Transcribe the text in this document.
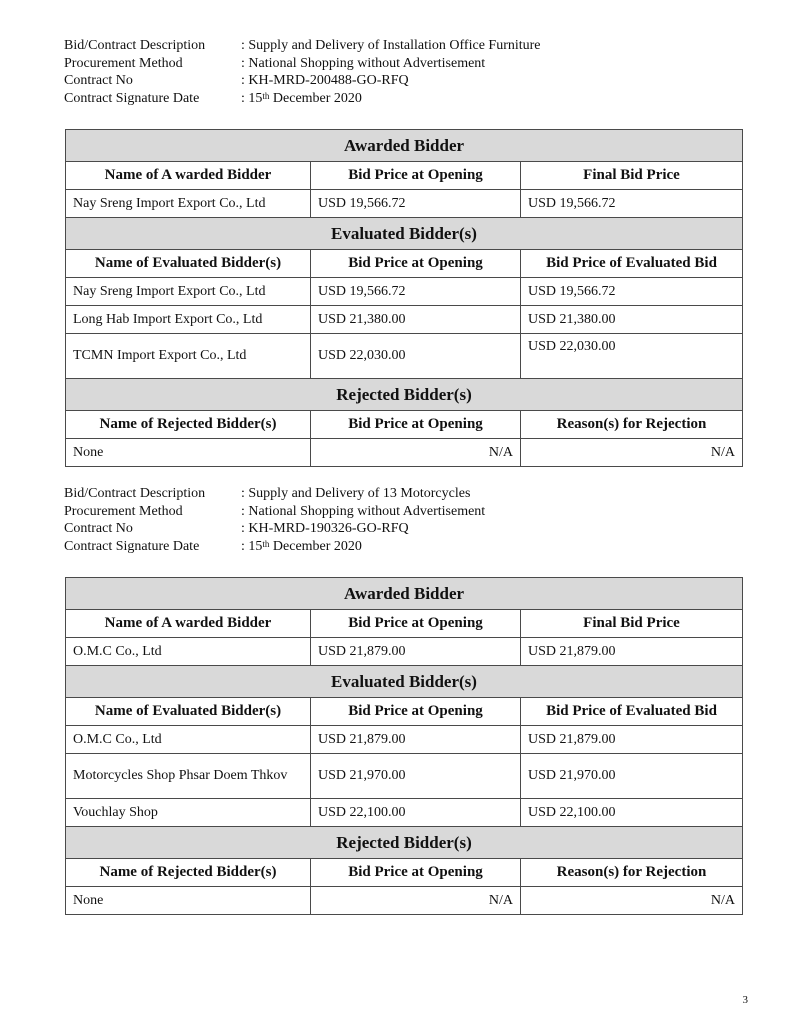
Bid/Contract Description	: Supply and Delivery of Installation Office Furniture
Procurement Method	: National Shopping without Advertisement
Contract No	: KH-MRD-200488-GO-RFQ
Contract Signature Date	: 15th December 2020
Awarded Bidder		
Name of A warded Bidder	Bid Price at Opening	Final Bid Price
Nay Sreng Import Export Co., Ltd	USD 19,566.72	USD 19,566.72
Evaluated Bidder(s)		
Name of Evaluated Bidder(s)	Bid Price at Opening	Bid Price of Evaluated Bid
Nay Sreng Import Export Co., Ltd	USD 19,566.72	USD 19,566.72
Long Hab Import Export Co., Ltd	USD 21,380.00	USD 21,380.00
TCMN Import Export Co., Ltd	USD 22,030.00	USD 22,030.00
Rejected Bidder(s)		
Name of Rejected Bidder(s)	Bid Price at Opening	Reason(s) for Rejection
None	N/A	N/A
Bid/Contract Description	: Supply and Delivery of 13 Motorcycles
Procurement Method	: National Shopping without Advertisement
Contract No	: KH-MRD-190326-GO-RFQ
Contract Signature Date	: 15th December 2020
Awarded Bidder		
Name of A warded Bidder	Bid Price at Opening	Final Bid Price
O.M.C Co., Ltd	USD 21,879.00	USD 21,879.00
Evaluated Bidder(s)		
Name of Evaluated Bidder(s)	Bid Price at Opening	Bid Price of Evaluated Bid
O.M.C Co., Ltd	USD 21,879.00	USD 21,879.00
Motorcycles Shop Phsar Doem Thkov	USD 21,970.00	USD 21,970.00
Vouchlay Shop	USD 22,100.00	USD 22,100.00
Rejected Bidder(s)		
Name of Rejected Bidder(s)	Bid Price at Opening	Reason(s) for Rejection
None	N/A	N/A
3
